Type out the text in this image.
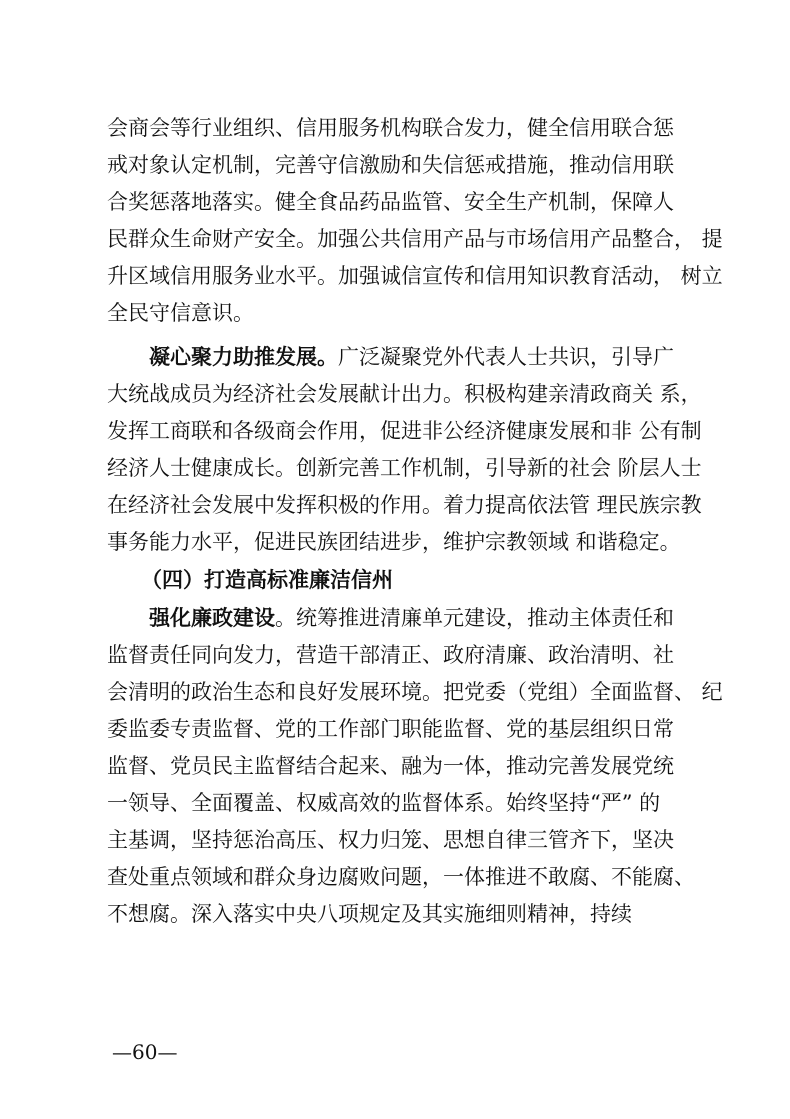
会商会等行业组织、信用服务机构联合发力，健全信用联合惩
戒对象认定机制，完善守信激励和失信惩戒措施，推动信用联
合奖惩落地落实。健全食品药品监管、安全生产机制，保障人
民群众生命财产安全。加强公共信用产品与市场信用产品整合， 提
升区域信用服务业水平。加强诚信宣传和信用知识教育活动， 树立
全民守信意识。
凝心聚力助推发展。广泛凝聚党外代表人士共识，引导广
大统战成员为经济社会发展献计出力。积极构建亲清政商关 系，
发挥工商联和各级商会作用，促进非公经济健康发展和非 公有制
经济人士健康成长。创新完善工作机制，引导新的社会 阶层人士
在经济社会发展中发挥积极的作用。着力提高依法管 理民族宗教
事务能力水平，促进民族团结进步，维护宗教领域 和谐稳定。
（四）打造高标准廉洁信州
强化廉政建设。统筹推进清廉单元建设，推动主体责任和
监督责任同向发力，营造干部清正、政府清廉、政治清明、社
会清明的政治生态和良好发展环境。把党委（党组）全面监督、 纪
委监委专责监督、党的工作部门职能监督、党的基层组织日常
监督、党员民主监督结合起来、融为一体，推动完善发展党统
一领导、全面覆盖、权威高效的监督体系。始终坚持“严” 的
主基调，坚持惩治高压、权力归笼、思想自律三管齐下，坚决
查处重点领域和群众身边腐败问题，一体推进不敢腐、不能腐、
不想腐。深入落实中央八项规定及其实施细则精神，持续
—60—
